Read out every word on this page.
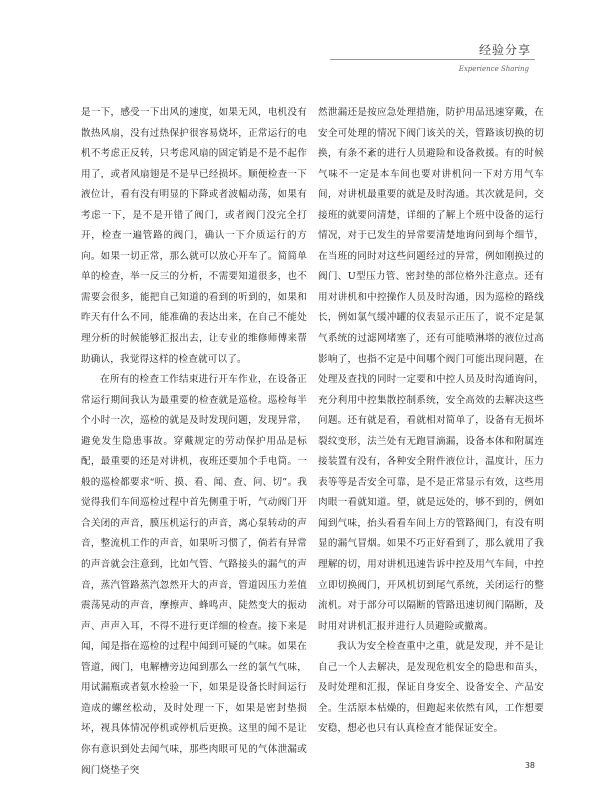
经验分享
Experience Sharing

是一下，感受一下出风的速度，如果无风，电机没有散热风扇，没有过热保护很容易烧坏，正常运行的电机不考虑正反转，只考虑风扇的固定销是不是不起作用了，或者风扇翅是不是早已经损坏。顺便检查一下液位计，看有没有明显的下降或者波幅动荡，如果有考虑一下，是不是开错了阀门，或者阀门没完全打开，检查一遍管路的阀门，确认一下介质运行的方向。如果一切正常，那么就可以放心开车了。简简单单的检查，举一反三的分析，不需要知道很多，也不需要会很多，能把自己知道的看到的听到的，如果和昨天有什么不同，能准确的表达出来，在自己不能处理分析的时候能够汇报出去，让专业的维修师傅来帮助确认，我觉得这样的检查就可以了。

在所有的检查工作结束进行开车作业，在设备正常运行期间我认为最重要的检查就是巡检。巡检每半个小时一次，巡检的就是及时发现问题，发现异常，避免发生隐患事故。穿戴规定的劳动保护用品是标配，最重要的还是对讲机，夜班还要加个手电筒。一般的巡检都要求“听、摸、看、闻、查、问、切”。我觉得我们车间巡检过程中首先侧重于听，气动阀门开合关闭的声音，膜压机运行的声音，离心泵转动的声音，整流机工作的声音，如果听习惯了，倘若有异常的声音就会注意到，比如气管、气路接头的漏气的声音，蒸汽管路蒸汽忽然开大的声音，管道因压力差值震荡晃动的声音，摩擦声、蜂鸣声、陡然变大的振动声、声声入耳，不得不进行更详细的检查。接下来是闻，闻是指在巡检的过程中闻到可疑的气味。如果在管道，阀门，电解槽旁边闻到那么一丝的氯气气味，用试漏瓶或者氨水检验一下，如果是设备长时间运行造成的螺丝松动，及时处理一下，如果是密封垫损坏，视具体情况停机或停机后更换。这里的闻不是让你有意识到处去闻气味，那些肉眼可见的气体泄漏或阀门烧垫子突

然泄漏还是按应急处理措施，防护用品迅速穿戴，在安全可处理的情况下阀门该关的关，管路该切换的切换，有条不紊的进行人员避险和设备救援。有的时候气味不一定是本车间也要对讲机问一下对方用气车间，对讲机最重要的就是及时沟通。其次就是问，交接班的就要问清楚，详细的了解上个班中设备的运行情况，对于已发生的异常要清楚地询问到每个细节，在当班的同时对这些问题经过的异常，例如刚换过的阀门、U型压力管、密封垫的部位格外注意点。还有用对讲机和中控操作人员及时沟通，因为巡检的路线长，例如氯气缓冲罐的仪表显示正压了，说不定是氯气系统的过滤网堵塞了，还有可能喷淋塔的液位过高影响了，也指不定是中间哪个阀门可能出现问题，在处理及查找的同时一定要和中控人员及时沟通询问，充分利用中控集散控制系统，安全高效的去解决这些问题。还有就是看，看就相对简单了，设备有无损坏裂纹变形，法兰处有无跑冒滴漏，设备本体和附属连接装置有没有，各种安全附件液位计，温度计，压力表等等是否安全可靠，是不是正常显示有效，这些用肉眼一看就知道。望，就是远处的，够不到的，例如闻到气味，抬头看看车间上方的管路阀门，有没有明显的漏气冒烟。如果不巧正好看到了，那么就用了我理解的切，用对讲机迅速告诉中控及用气车间，中控立即切换阀门，开风机切到尾气系统，关闭运行的整流机。对于部分可以隔断的管路迅速切阀门隔断，及时用对讲机汇报并进行人员避险或撤离。

我认为安全检查重中之重，就是发现，并不是让自己一个人去解决，是发现危机安全的隐患和苗头，及时处理和汇报，保证自身安全、设备安全、产品安全。生活原本枯燥的，但跑起来依然有风，工作想要安稳，想必也只有认真检查才能保证安全。

38
